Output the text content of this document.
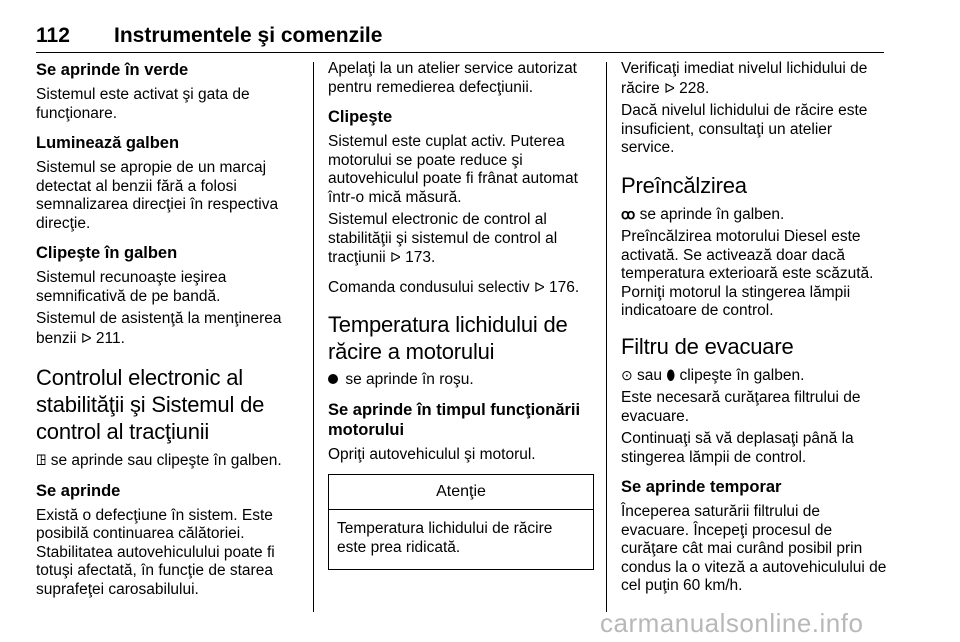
112 Instrumentele şi comenzile
Se aprinde în verde
Sistemul este activat şi gata de funcţionare.
Luminează galben
Sistemul se apropie de un marcaj detectat al benzii fără a folosi semnalizarea direcţiei în respectiva direcţie.
Clipeşte în galben
Sistemul recunoaşte ieşirea semnificativă de pe bandă.
Sistemul de asistenţă la menţinerea benzii ᐅ 211.
Controlul electronic al stabilităţii şi Sistemul de control al tracţiunii
ꖸ se aprinde sau clipeşte în galben.
Se aprinde
Există o defecţiune în sistem. Este posibilă continuarea călătoriei. Stabilitatea autovehiculului poate fi totuşi afectată, în funcţie de starea suprafeţei carosabilului.
Apelaţi la un atelier service autorizat pentru remedierea defecţiunii.
Clipeşte
Sistemul este cuplat activ. Puterea motorului se poate reduce şi autovehiculul poate fi frânat automat într-o mică măsură.
Sistemul electronic de control al stabilităţii şi sistemul de control al tracţiunii ᐅ 173.
Comanda condusului selectiv ᐅ 176.
Temperatura lichidului de răcire a motorului
se aprinde în roşu.
Se aprinde în timpul funcţionării motorului
Opriţi autovehiculul şi motorul.
Atenţie
Temperatura lichidului de răcire este prea ridicată.
Verificaţi imediat nivelul lichidului de răcire ᐅ 228.
Dacă nivelul lichidului de răcire este insuficient, consultaţi un atelier service.
Preîncălzirea
ꝏ se aprinde în galben.
Preîncălzirea motorului Diesel este activată. Se activează doar dacă temperatura exterioară este scăzută. Porniţi motorul la stingerea lămpii indicatoare de control.
Filtru de evacuare
⊙ sau ⬮ clipeşte în galben.
Este necesară curăţarea filtrului de evacuare.
Continuaţi să vă deplasaţi până la stingerea lămpii de control.
Se aprinde temporar
Începerea saturării filtrului de evacuare. Începeţi procesul de curăţare cât mai curând posibil prin condus la o viteză a autovehiculului de cel puţin 60 km/h.
carmanualsonline.info
